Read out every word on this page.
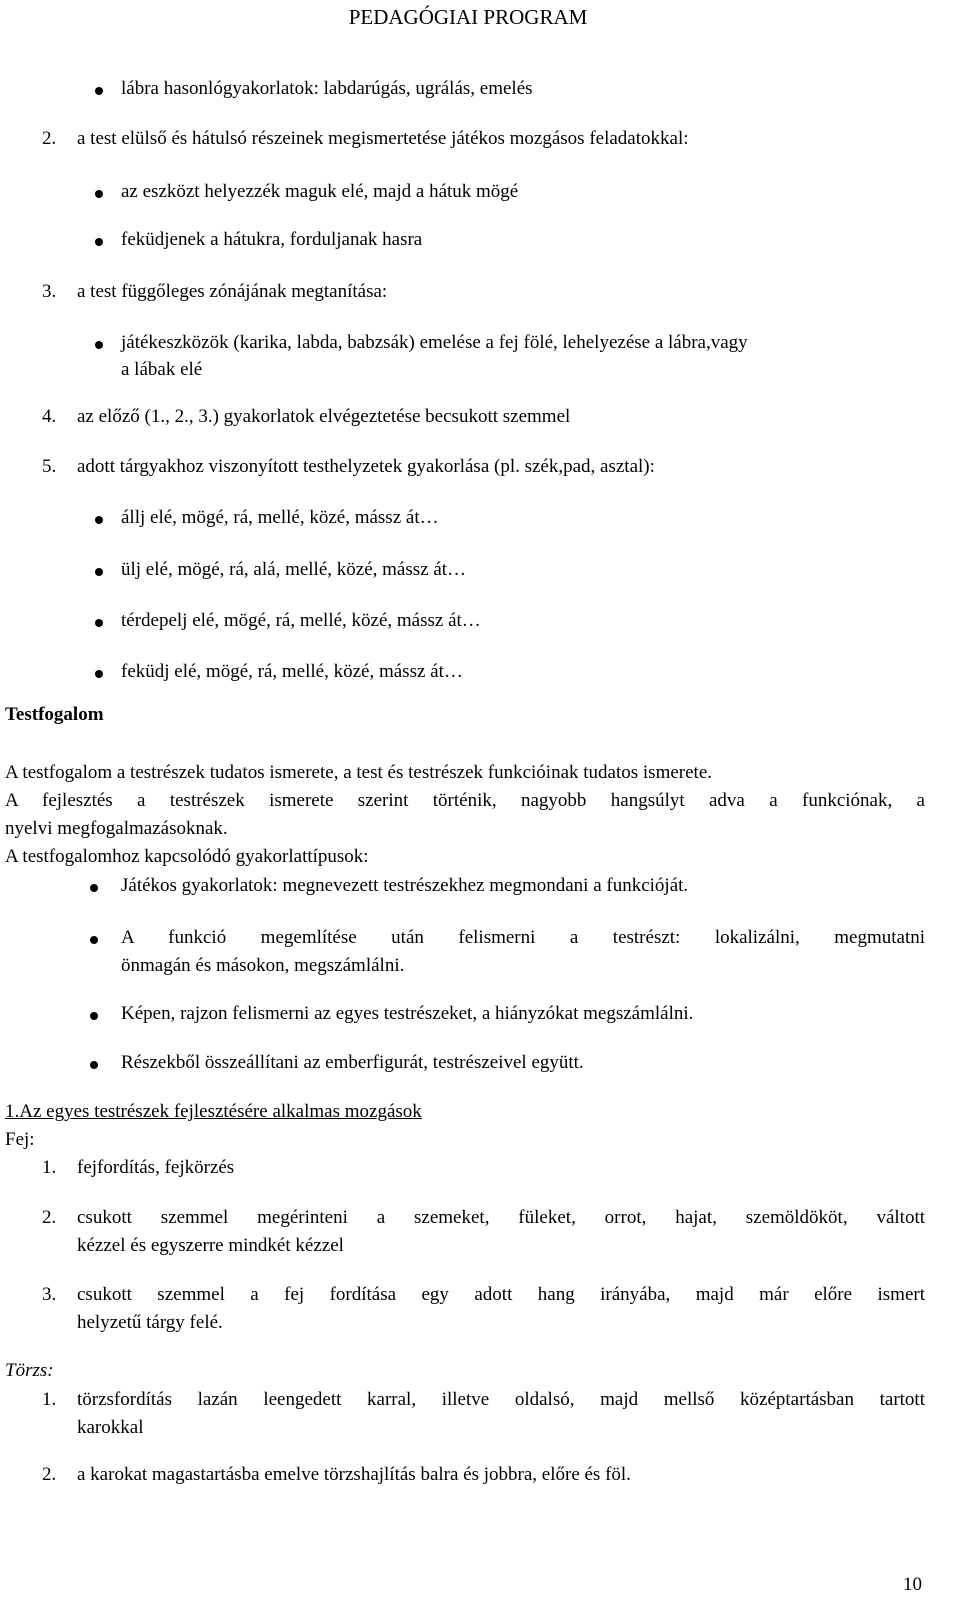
PEDAGÓGIAI PROGRAM
lábra hasonlógyakorlatok: labdarúgás, ugrálás, emelés
2. a test elülső és hátulsó részeinek megismertetése játékos mozgásos feladatokkal:
az eszközt helyezzék maguk elé, majd a hátuk mögé
feküdjenek a hátukra, forduljanak hasra
3. a test függőleges zónájának megtanítása:
játékeszközök (karika, labda, babzsák) emelése a fej fölé, lehelyezése a lábra,vagy
a lábak elé
4. az előző (1., 2., 3.) gyakorlatok elvégeztetése becsukott szemmel
5. adott tárgyakhoz viszonyított testhelyzetek gyakorlása (pl. szék,pad, asztal):
állj elé, mögé, rá, mellé, közé, mássz át…
ülj elé, mögé, rá, alá, mellé, közé, mássz át…
térdepelj elé, mögé, rá, mellé, közé, mássz át…
feküdj elé, mögé, rá, mellé, közé, mássz át…
Testfogalom
A testfogalom a testrészek tudatos ismerete, a test és testrészek funkcióinak tudatos ismerete.
A fejlesztés a testrészek ismerete szerint történik, nagyobb hangsúlyt adva a funkciónak, a
nyelvi megfogalmazásoknak.
A testfogalomhoz kapcsolódó gyakorlattípusok:
Játékos gyakorlatok: megnevezett testrészekhez megmondani a funkcióját.
A funkció megemlítése után felismerni a testrészt: lokalizálni, megmutatni
önmagán és másokon, megszámlálni.
Képen, rajzon felismerni az egyes testrészeket, a hiányzókat megszámlálni.
Részekből összeállítani az emberfigurát, testrészeivel együtt.
1.Az egyes testrészek fejlesztésére alkalmas mozgások
Fej:
1. fejfordítás, fejkörzés
2. csukott szemmel megérinteni a szemeket, füleket, orrot, hajat, szemöldököt, váltott
kézzel és egyszerre mindkét kézzel
3. csukott szemmel a fej fordítása egy adott hang irányába, majd már előre ismert
helyzetű tárgy felé.
Törzs:
1. törzsfordítás lazán leengedett karral, illetve oldalsó, majd mellső középtartásban tartott
karokkal
2. a karokat magastartásba emelve törzshajlítás balra és jobbra, előre és föl.
10
